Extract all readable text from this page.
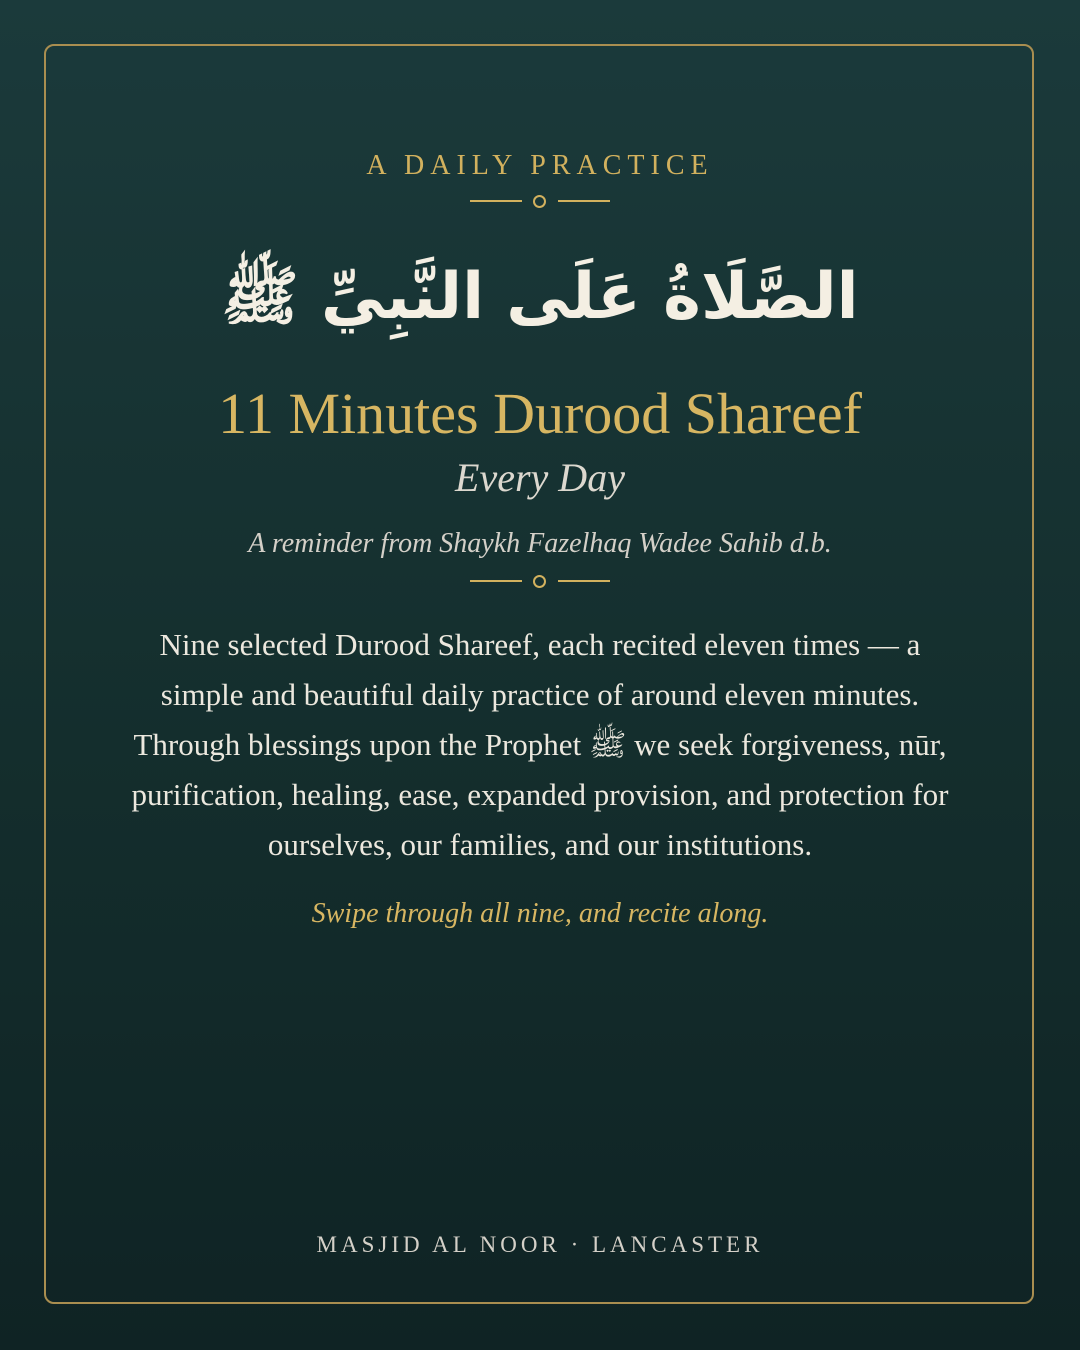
A DAILY PRACTICE
الصَّلَاةُ عَلَى النَّبِيِّ ﷺ
11 Minutes Durood Shareef
Every Day
A reminder from Shaykh Fazelhaq Wadee Sahib d.b.
Nine selected Durood Shareef, each recited eleven times — a
simple and beautiful daily practice of around eleven minutes.
Through blessings upon the Prophet ﷺ we seek forgiveness, nūr,
purification, healing, ease, expanded provision, and protection for
ourselves, our families, and our institutions.
Swipe through all nine, and recite along.
MASJID AL NOOR · LANCASTER
